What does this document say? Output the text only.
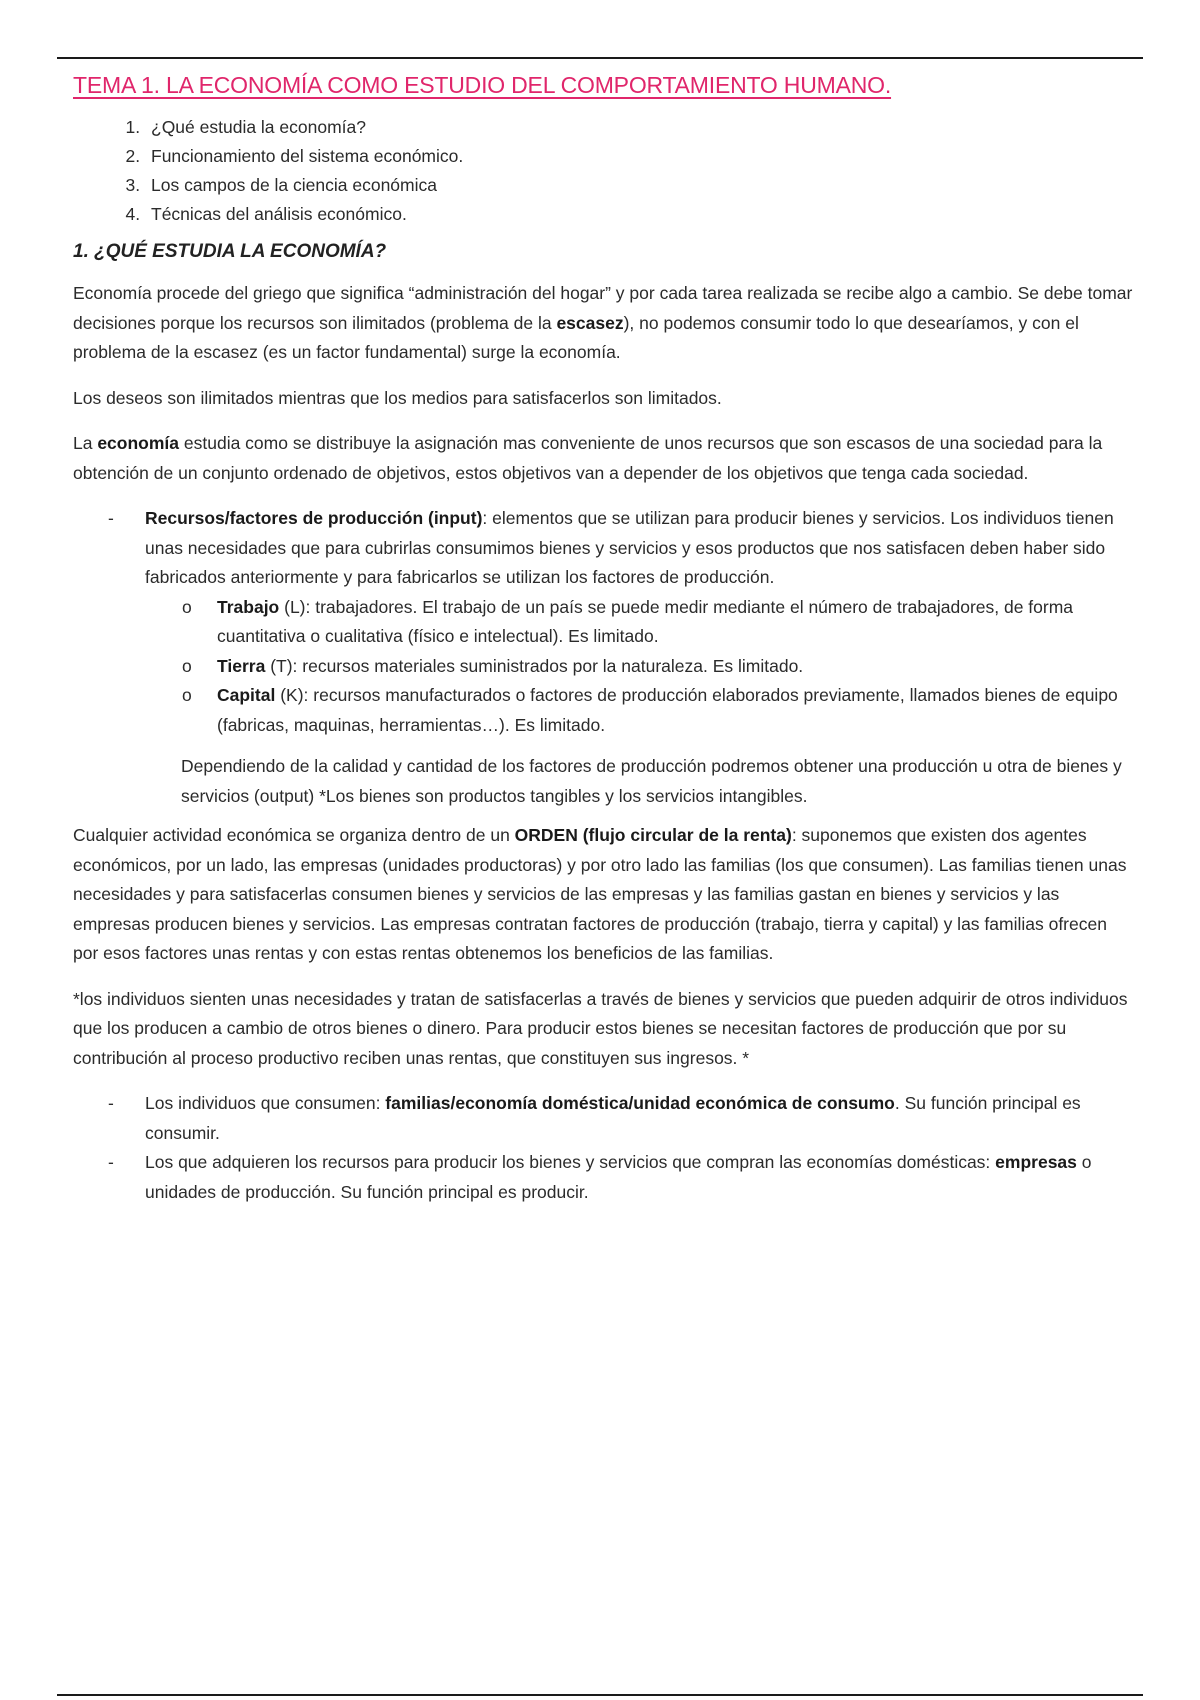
TEMA 1. LA ECONOMÍA COMO ESTUDIO DEL COMPORTAMIENTO HUMANO.
1. ¿Qué estudia la economía?
2. Funcionamiento del sistema económico.
3. Los campos de la ciencia económica
4. Técnicas del análisis económico.
1. ¿QUÉ ESTUDIA LA ECONOMÍA?

Economía procede del griego que significa “administración del hogar” y por cada tarea realizada se recibe algo a cambio. Se debe tomar decisiones porque los recursos son ilimitados (problema de la escasez), no podemos consumir todo lo que desearíamos, y con el problema de la escasez (es un factor fundamental) surge la economía.

Los deseos son ilimitados mientras que los medios para satisfacerlos son limitados.

La economía estudia como se distribuye la asignación mas conveniente de unos recursos que son escasos de una sociedad para la obtención de un conjunto ordenado de objetivos, estos objetivos van a depender de los objetivos que tenga cada sociedad.

- Recursos/factores de producción (input): elementos que se utilizan para producir bienes y servicios. Los individuos tienen unas necesidades que para cubrirlas consumimos bienes y servicios y esos productos que nos satisfacen deben haber sido fabricados anteriormente y para fabricarlos se utilizan los factores de producción.
o Trabajo (L): trabajadores. El trabajo de un país se puede medir mediante el número de trabajadores, de forma cuantitativa o cualitativa (físico e intelectual). Es limitado.
o Tierra (T): recursos materiales suministrados por la naturaleza. Es limitado.
o Capital (K): recursos manufacturados o factores de producción elaborados previamente, llamados bienes de equipo (fabricas, maquinas, herramientas…). Es limitado.

Dependiendo de la calidad y cantidad de los factores de producción podremos obtener una producción u otra de bienes y servicios (output) *Los bienes son productos tangibles y los servicios intangibles.

Cualquier actividad económica se organiza dentro de un ORDEN (flujo circular de la renta): suponemos que existen dos agentes económicos, por un lado, las empresas (unidades productoras) y por otro lado las familias (los que consumen). Las familias tienen unas necesidades y para satisfacerlas consumen bienes y servicios de las empresas y las familias gastan en bienes y servicios y las empresas producen bienes y servicios. Las empresas contratan factores de producción (trabajo, tierra y capital) y las familias ofrecen por esos factores unas rentas y con estas rentas obtenemos los beneficios de las familias.

*los individuos sienten unas necesidades y tratan de satisfacerlas a través de bienes y servicios que pueden adquirir de otros individuos que los producen a cambio de otros bienes o dinero. Para producir estos bienes se necesitan factores de producción que por su contribución al proceso productivo reciben unas rentas, que constituyen sus ingresos. *

- Los individuos que consumen: familias/economía doméstica/unidad económica de consumo. Su función principal es consumir.
- Los que adquieren los recursos para producir los bienes y servicios que compran las economías domésticas: empresas o unidades de producción. Su función principal es producir.
